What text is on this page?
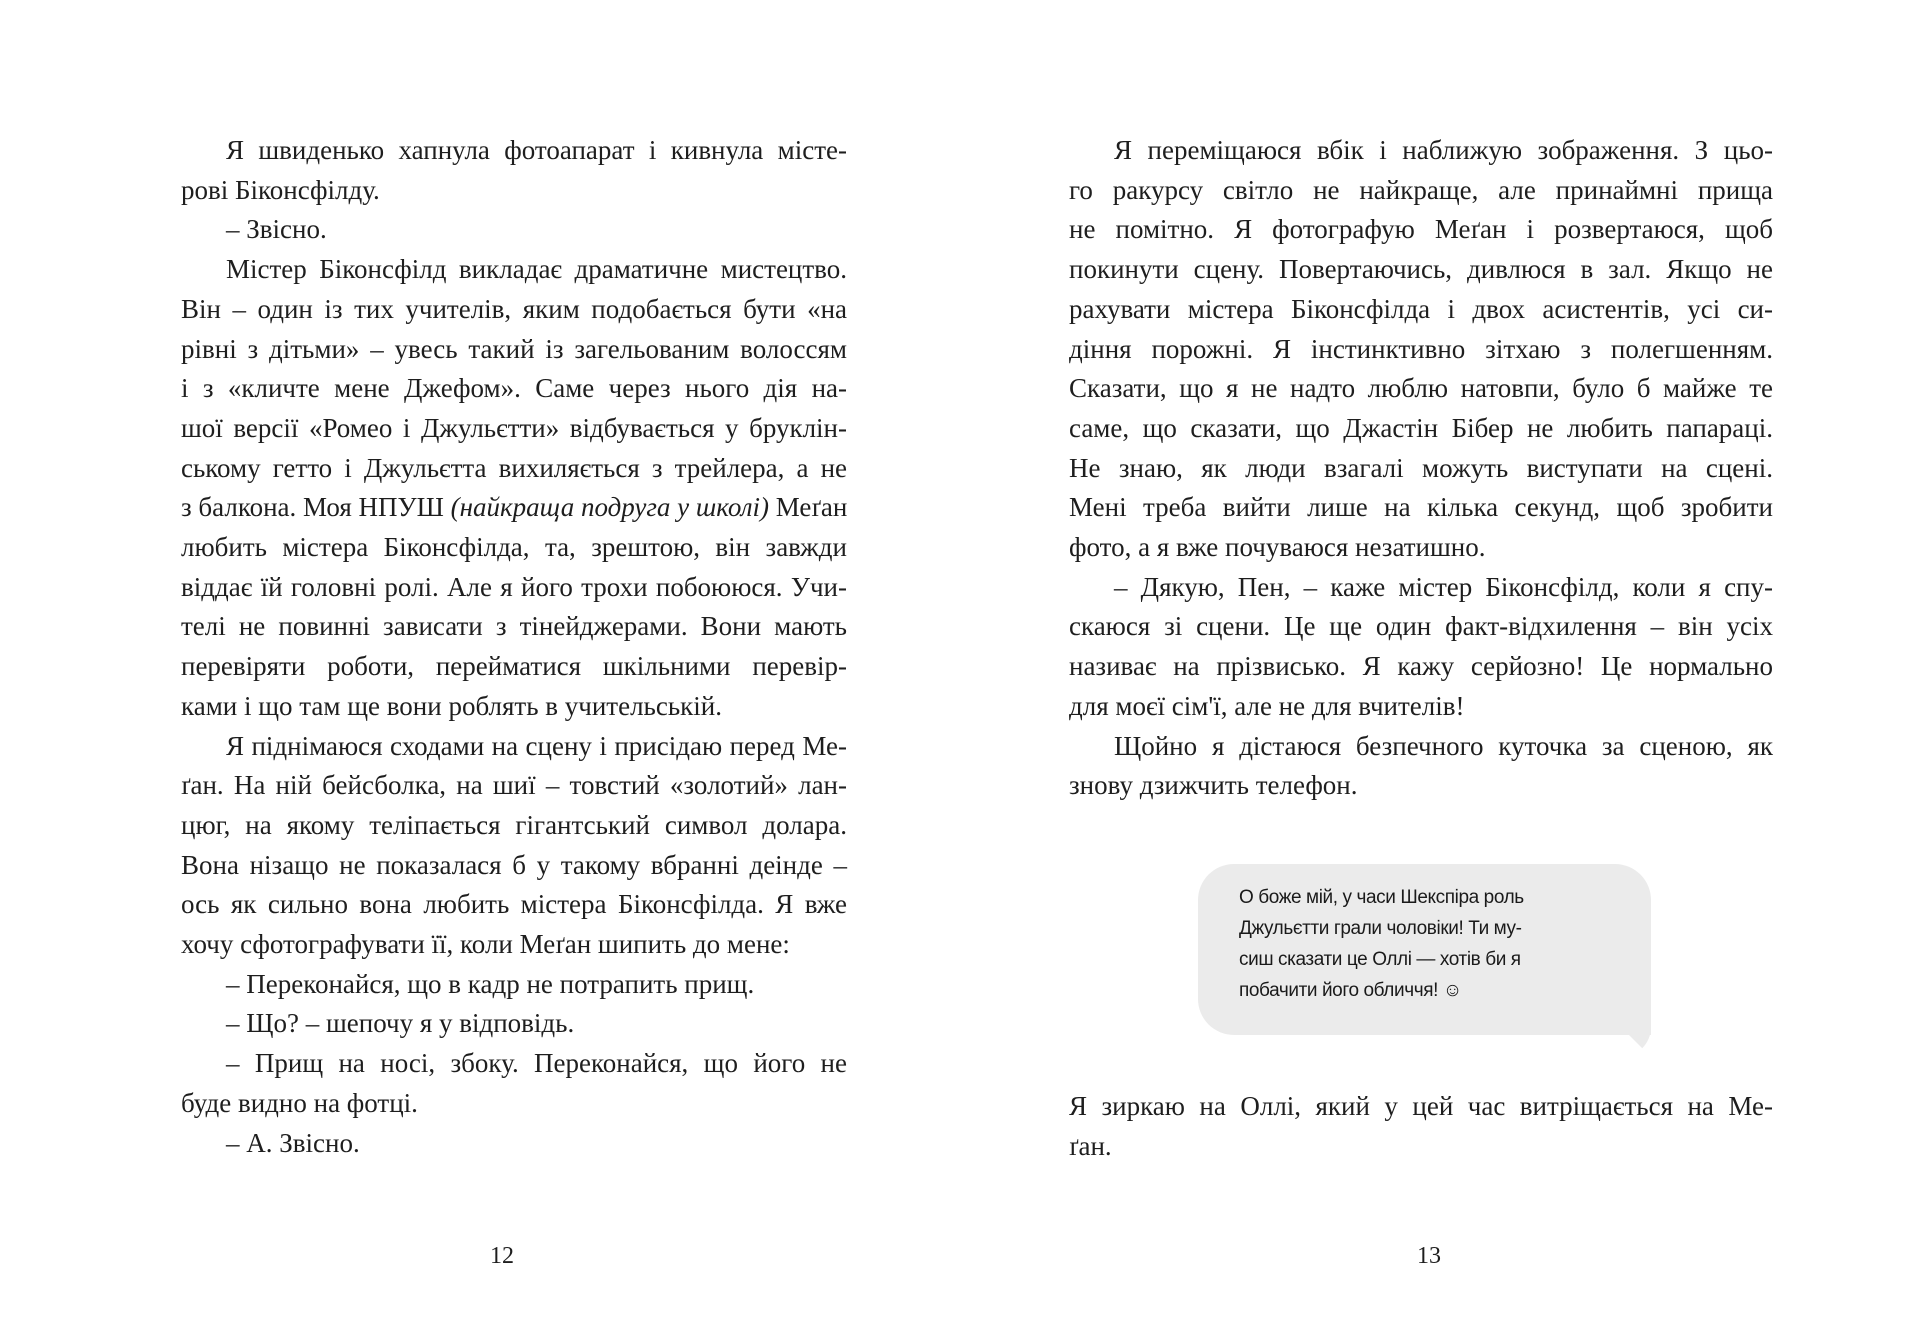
Я швиденько хапнула фотоапарат і кивнула місте-
рові Біконсфілду.
– Звісно.
Містер Біконсфілд викладає драматичне мистецтво.
Він – один із тих учителів, яким подобається бути «на
рівні з дітьми» – увесь такий із загельованим волоссям
і з «кличте мене Джефом». Саме через нього дія на-
шої версії «Ромео і Джульєтти» відбувається у бруклін-
ському гетто і Джульєтта вихиляється з трейлера, а не
з балкона. Моя НПУШ (найкраща подруга у школі) Меґан
любить містера Біконсфілда, та, зрештою, він завжди
віддає їй головні ролі. Але я його трохи побоююся. Учи-
телі не повинні зависати з тінейджерами. Вони мають
перевіряти роботи, перейматися шкільними перевір-
ками і що там ще вони роблять в учительській.
Я піднімаюся сходами на сцену і присідаю перед Ме-
ґан. На ній бейсболка, на шиї – товстий «золотий» лан-
цюг, на якому теліпається гігантський символ долара.
Вона нізащо не показалася б у такому вбранні деінде –
ось як сильно вона любить містера Біконсфілда. Я вже
хочу сфотографувати її, коли Меґан шипить до мене:
– Переконайся, що в кадр не потрапить прищ.
– Що? – шепочу я у відповідь.
– Прищ на носі, збоку. Переконайся, що його не
буде видно на фотці.
– А. Звісно.
12
Я переміщаюся вбік і наближую зображення. З цьо-
го ракурсу світло не найкраще, але принаймні прища
не помітно. Я фотографую Меґан і розвертаюся, щоб
покинути сцену. Повертаючись, дивлюся в зал. Якщо не
рахувати містера Біконсфілда і двох асистентів, усі си-
діння порожні. Я інстинктивно зітхаю з полегшенням.
Сказати, що я не надто люблю натовпи, було б майже те
саме, що сказати, що Джастін Бібер не любить папараці.
Не знаю, як люди взагалі можуть виступати на сцені.
Мені треба вийти лише на кілька секунд, щоб зробити
фото, а я вже почуваюся незатишно.
– Дякую, Пен, – каже містер Біконсфілд, коли я спу-
скаюся зі сцени. Це ще один факт-відхилення – він усіх
називає на прізвисько. Я кажу серйозно! Це нормально
для моєї сім'ї, але не для вчителів!
Щойно я дістаюся безпечного куточка за сценою, як
знову дзижчить телефон.
О боже мій, у часи Шекспіра роль
Джульєтти грали чоловіки! Ти му-
сиш сказати це Оллі — хотів би я
побачити його обличчя! ☺
Я зиркаю на Оллі, який у цей час витріщається на Ме-
ґан.
13
